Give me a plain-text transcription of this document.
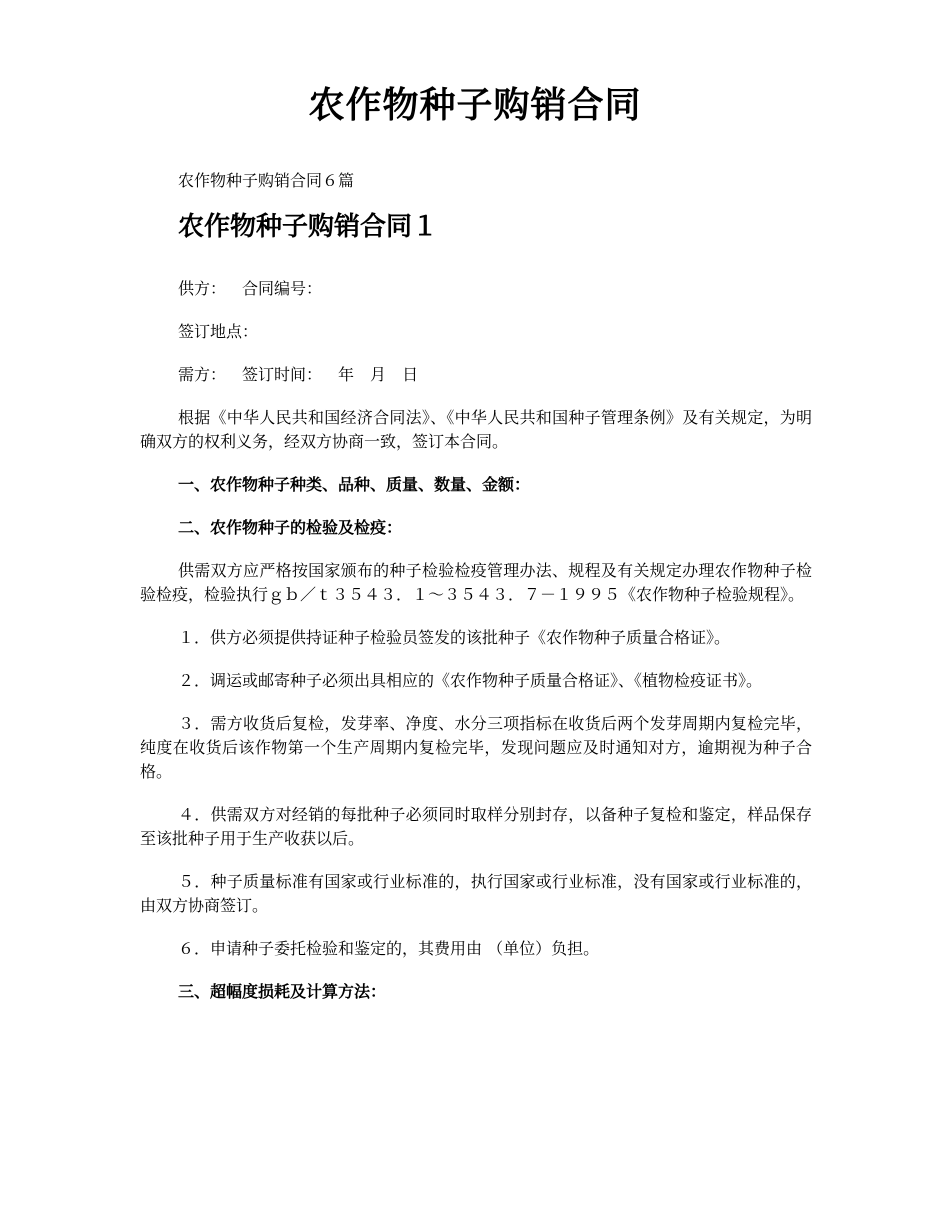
农作物种子购销合同

农作物种子购销合同６篇

农作物种子购销合同１

供方： 合同编号：

签订地点：

需方： 签订时间： 年 月 日

根据《中华人民共和国经济合同法》、《中华人民共和国种子管理条例》及有关规定，为明确双方的权利义务，经双方协商一致，签订本合同。

一、农作物种子种类、品种、质量、数量、金额：

二、农作物种子的检验及检疫：

供需双方应严格按国家颁布的种子检验检疫管理办法、规程及有关规定办理农作物种子检验检疫，检验执行ｇｂ／ｔ３５４３．１～３５４３．７－１９９５《农作物种子检验规程》。

１．供方必须提供持证种子检验员签发的该批种子《农作物种子质量合格证》。

２．调运或邮寄种子必须出具相应的《农作物种子质量合格证》、《植物检疫证书》。

３．需方收货后复检，发芽率、净度、水分三项指标在收货后两个发芽周期内复检完毕，纯度在收货后该作物第一个生产周期内复检完毕，发现问题应及时通知对方，逾期视为种子合格。

４．供需双方对经销的每批种子必须同时取样分别封存，以备种子复检和鉴定，样品保存至该批种子用于生产收获以后。

５．种子质量标准有国家或行业标准的，执行国家或行业标准，没有国家或行业标准的，由双方协商签订。

６．申请种子委托检验和鉴定的，其费用由 （单位）负担。

三、超幅度损耗及计算方法：
